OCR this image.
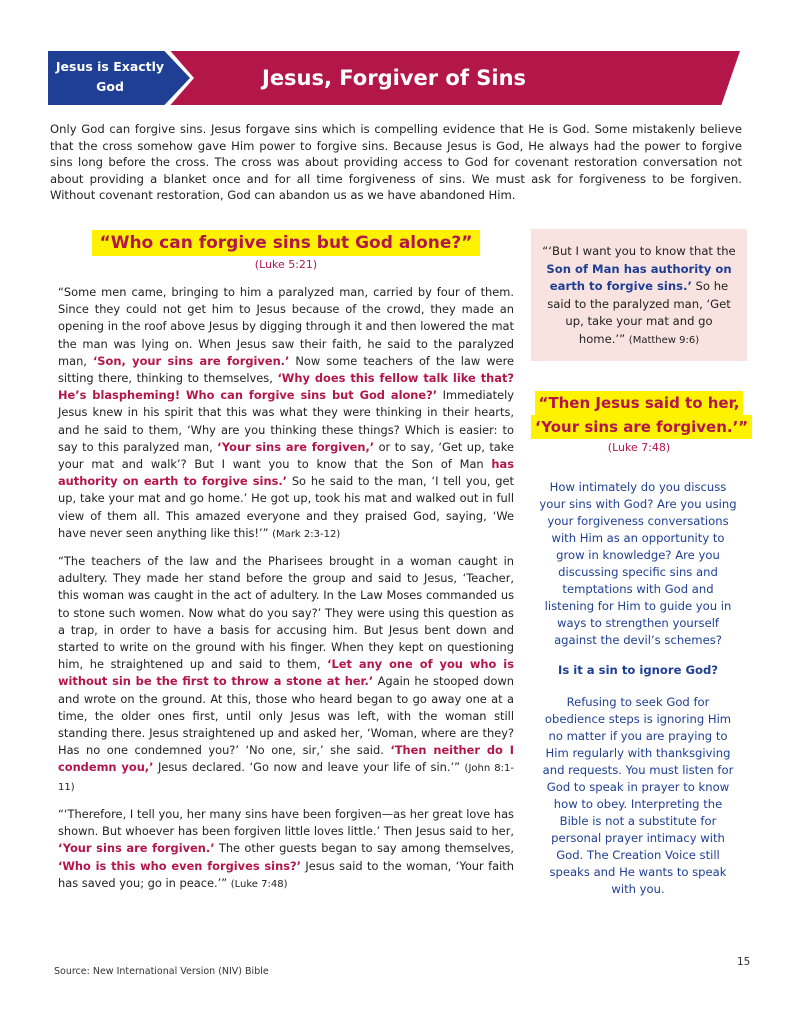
Jesus, Forgiver of Sins
Jesus is Exactly God

Only God can forgive sins. Jesus forgave sins which is compelling evidence that He is God. Some mistakenly believe that the cross somehow gave Him power to forgive sins. Because Jesus is God, He always had the power to forgive sins long before the cross. The cross was about providing access to God for covenant restoration conversation not about providing a blanket once and for all time forgiveness of sins. We must ask for forgiveness to be forgiven. Without covenant restoration, God can abandon us as we have abandoned Him.

“Who can forgive sins but God alone?”
(Luke 5:21)

“Some men came, bringing to him a paralyzed man, carried by four of them. Since they could not get him to Jesus because of the crowd, they made an opening in the roof above Jesus by digging through it and then lowered the mat the man was lying on. When Jesus saw their faith, he said to the paralyzed man, ‘Son, your sins are forgiven.’ Now some teachers of the law were sitting there, thinking to themselves, ‘Why does this fellow talk like that? He’s blaspheming! Who can forgive sins but God alone?’ Immediately Jesus knew in his spirit that this was what they were thinking in their hearts, and he said to them, ‘Why are you thinking these things? Which is easier: to say to this paralyzed man, ‘Your sins are forgiven,’ or to say, ‘Get up, take your mat and walk’? But I want you to know that the Son of Man has authority on earth to forgive sins.’ So he said to the man, ‘I tell you, get up, take your mat and go home.’ He got up, took his mat and walked out in full view of them all. This amazed everyone and they praised God, saying, ‘We have never seen anything like this!’” (Mark 2:3-12)

“The teachers of the law and the Pharisees brought in a woman caught in adultery. They made her stand before the group and said to Jesus, ‘Teacher, this woman was caught in the act of adultery. In the Law Moses commanded us to stone such women. Now what do you say?’ They were using this question as a trap, in order to have a basis for accusing him. But Jesus bent down and started to write on the ground with his finger. When they kept on questioning him, he straightened up and said to them, ‘Let any one of you who is without sin be the first to throw a stone at her.’ Again he stooped down and wrote on the ground. At this, those who heard began to go away one at a time, the older ones first, until only Jesus was left, with the woman still standing there. Jesus straightened up and asked her, ‘Woman, where are they? Has no one condemned you?’ ‘No one, sir,’ she said. ‘Then neither do I condemn you,’ Jesus declared. ‘Go now and leave your life of sin.’” (John 8:1-11)

“‘Therefore, I tell you, her many sins have been forgiven—as her great love has shown. But whoever has been forgiven little loves little.’ Then Jesus said to her, ‘Your sins are forgiven.’ The other guests began to say among themselves, ‘Who is this who even forgives sins?’ Jesus said to the woman, ‘Your faith has saved you; go in peace.’” (Luke 7:48)

“‘But I want you to know that the Son of Man has authority on earth to forgive sins.’ So he said to the paralyzed man, ‘Get up, take your mat and go home.’” (Matthew 9:6)
“Then Jesus said to her,
‘Your sins are forgiven.’”
(Luke 7:48)

How intimately do you discuss your sins with God? Are you using your forgiveness conversations with Him as an opportunity to grow in knowledge? Are you discussing specific sins and temptations with God and listening for Him to guide you in ways to strengthen yourself against the devil’s schemes?

Is it a sin to ignore God?

Refusing to seek God for obedience steps is ignoring Him no matter if you are praying to Him regularly with thanksgiving and requests. You must listen for God to speak in prayer to know how to obey. Interpreting the Bible is not a substitute for personal prayer intimacy with God. The Creation Voice still speaks and He wants to speak with you.

Source: New International Version (NIV) Bible
15
